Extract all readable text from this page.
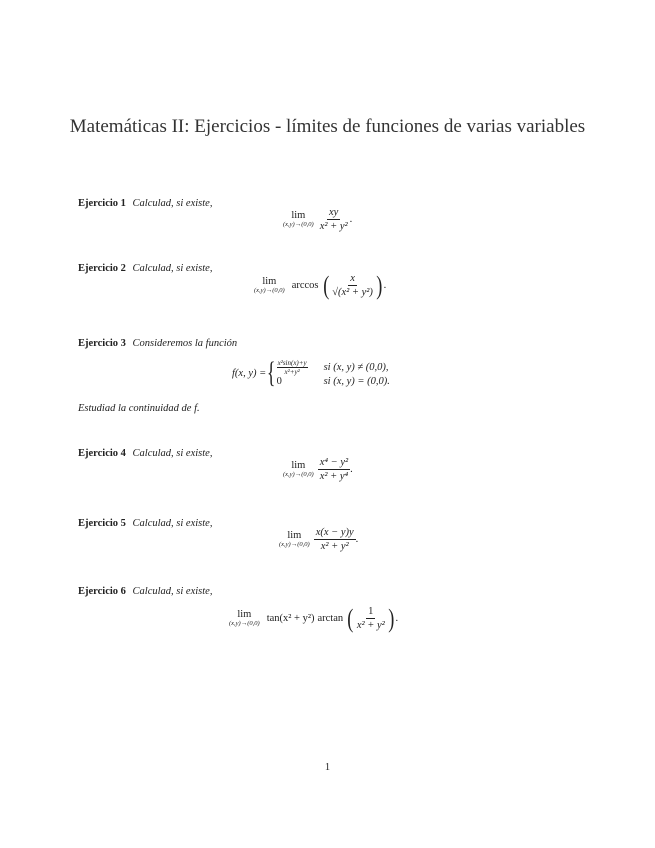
Matemáticas II: Ejercicios - límites de funciones de varias variables
Ejercicio 1 Calculad, si existe,
lim
$(x,y)\to(0,0) \frac{xy}{\text{x² + y²}}$ .
Ejercicio 2 Calculad, si existe,
lim
(x,y)→(0,0) arccos ( $\frac{x}{\text{√(x² + y²)}}$ ) .
Ejercicio 3 Consideremos la función
f(x, y) = { $\frac{\text{x²sin(x)+y}}{\text{x²+y²}}$ si (x, y) ≠ (0,0),
0	si (x, y) = (0,0).
Estudiad la continuidad de f.
Ejercicio 4 Calculad, si existe,
lim
$(x,y)\to(0,0) \frac{\text{x⁴ − y²}}{\text{x² + y⁴}}$ .
Ejercicio 5 Calculad, si existe,
lim
$(x,y)\to(0,0) \frac{x(x - y)y}{\text{x² + y²}}$ .
Ejercicio 6 Calculad, si existe,
lim
(x,y)→(0,0) tan(x² + y²) arctan ( $\frac{1}{\text{x² + y²}}$ ) .
1
